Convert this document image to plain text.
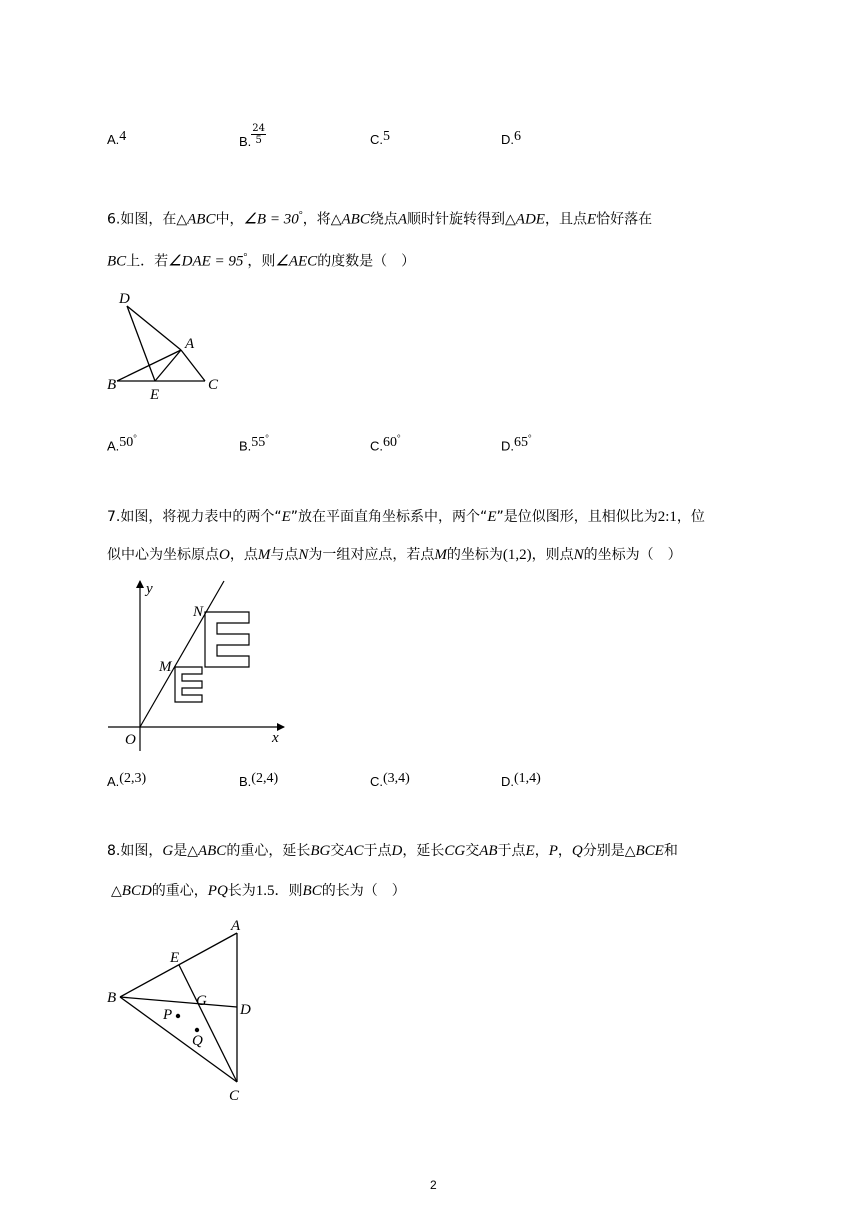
A.4	B. $\frac{24}{5}$	C.5	D.6
6.如图，在△ABC中，∠B = 30°，将△ABC绕点A顺时针旋转得到△ADE，且点E恰好落在
BC上．若∠DAE = 95°，则∠AEC的度数是（　）
D
A
B
E
C
A.50°
B.55°
C.60°
D.65°
7.如图，将视力表中的两个“E”放在平面直角坐标系中，两个“E”是位似图形，且相似比为2:1，位
似中心为坐标原点O，点M与点N为一组对应点，若点M的坐标为(1,2)，则点N的坐标为（　）
y
x
O
M
N
A.(2,3)	B.(2,4)	C.(3,4)	D.(1,4)
8.如图，G是△ABC的重心，延长BG交AC于点D，延长CG交AB于点E，P，Q分别是△BCE和
△BCD的重心，PQ长为1.5．则BC的长为（　）
A
E
B	G
D
P
Q
C
2
